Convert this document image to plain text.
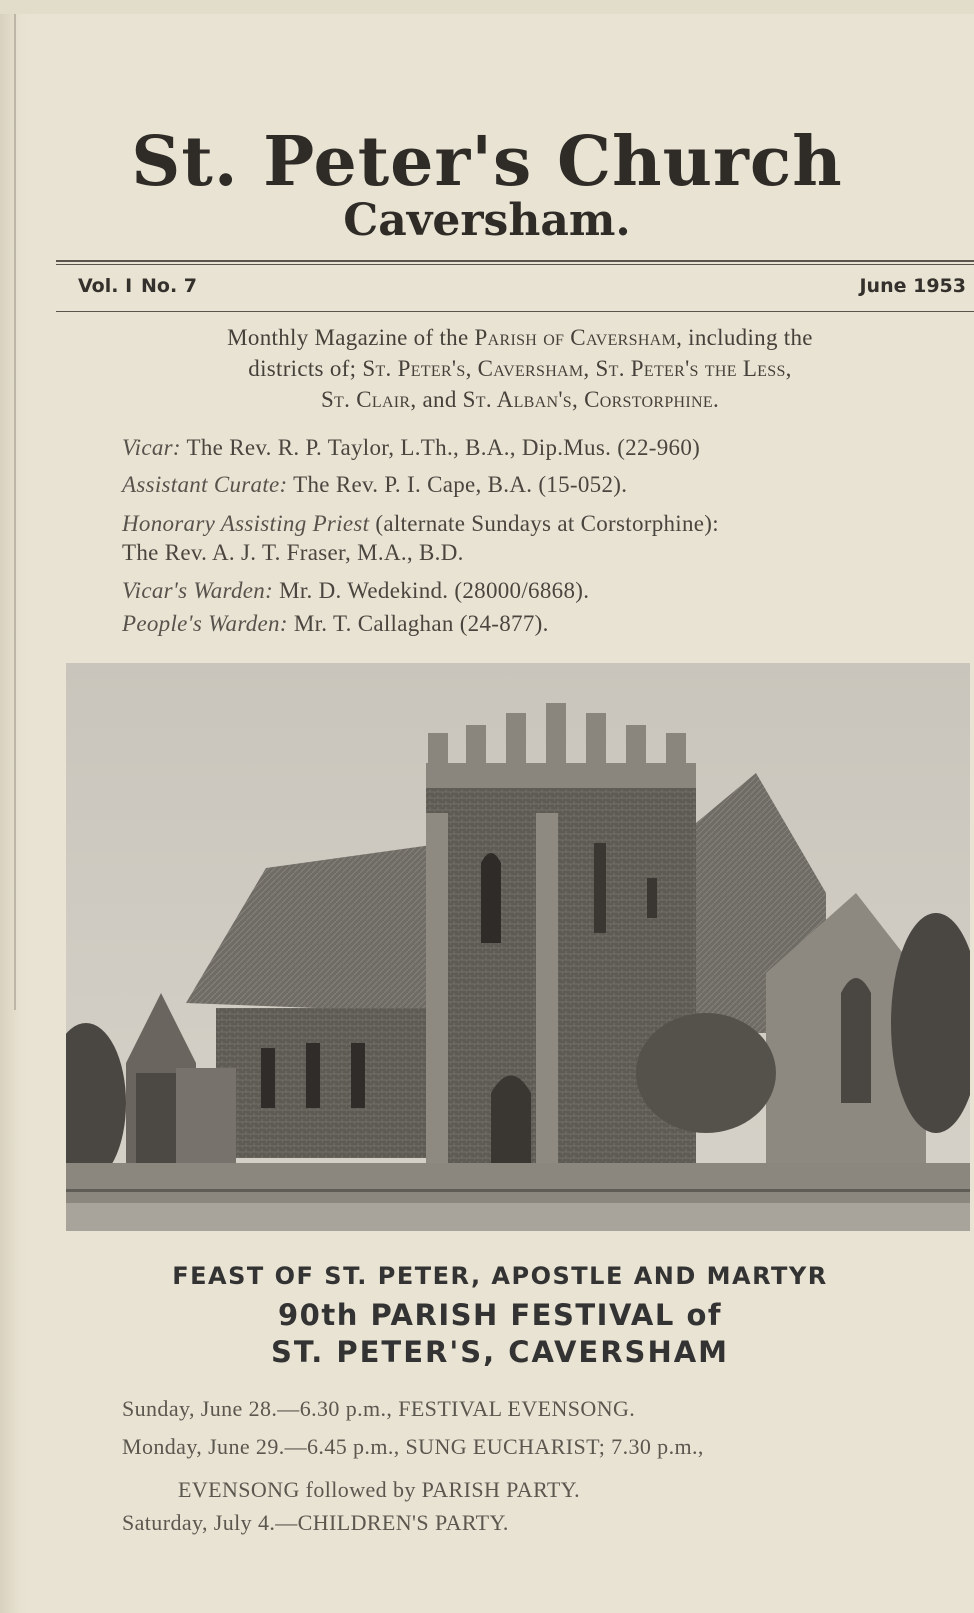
St. Peter's Church
Caversham.
Vol. I No. 7	June 1953
Monthly Magazine of the Parish of Caversham, including the
districts of; St. Peter's, Caversham, St. Peter's the Less,
St. Clair, and St. Alban's, Corstorphine.
Vicar: The Rev. R. P. Taylor, L.Th., B.A., Dip.Mus. (22-960)
Assistant Curate: The Rev. P. I. Cape, B.A. (15-052).
Honorary Assisting Priest (alternate Sundays at Corstorphine):
The Rev. A. J. T. Fraser, M.A., B.D.
Vicar's Warden: Mr. D. Wedekind. (28000/6868).
People's Warden: Mr. T. Callaghan (24-877).
FEAST OF ST. PETER, APOSTLE AND MARTYR
90th PARISH FESTIVAL of
ST. PETER'S, CAVERSHAM
Sunday, June 28.—6.30 p.m., FESTIVAL EVENSONG.
Monday, June 29.—6.45 p.m., SUNG EUCHARIST; 7.30 p.m.,
EVENSONG followed by PARISH PARTY.
Saturday, July 4.—CHILDREN'S PARTY.
